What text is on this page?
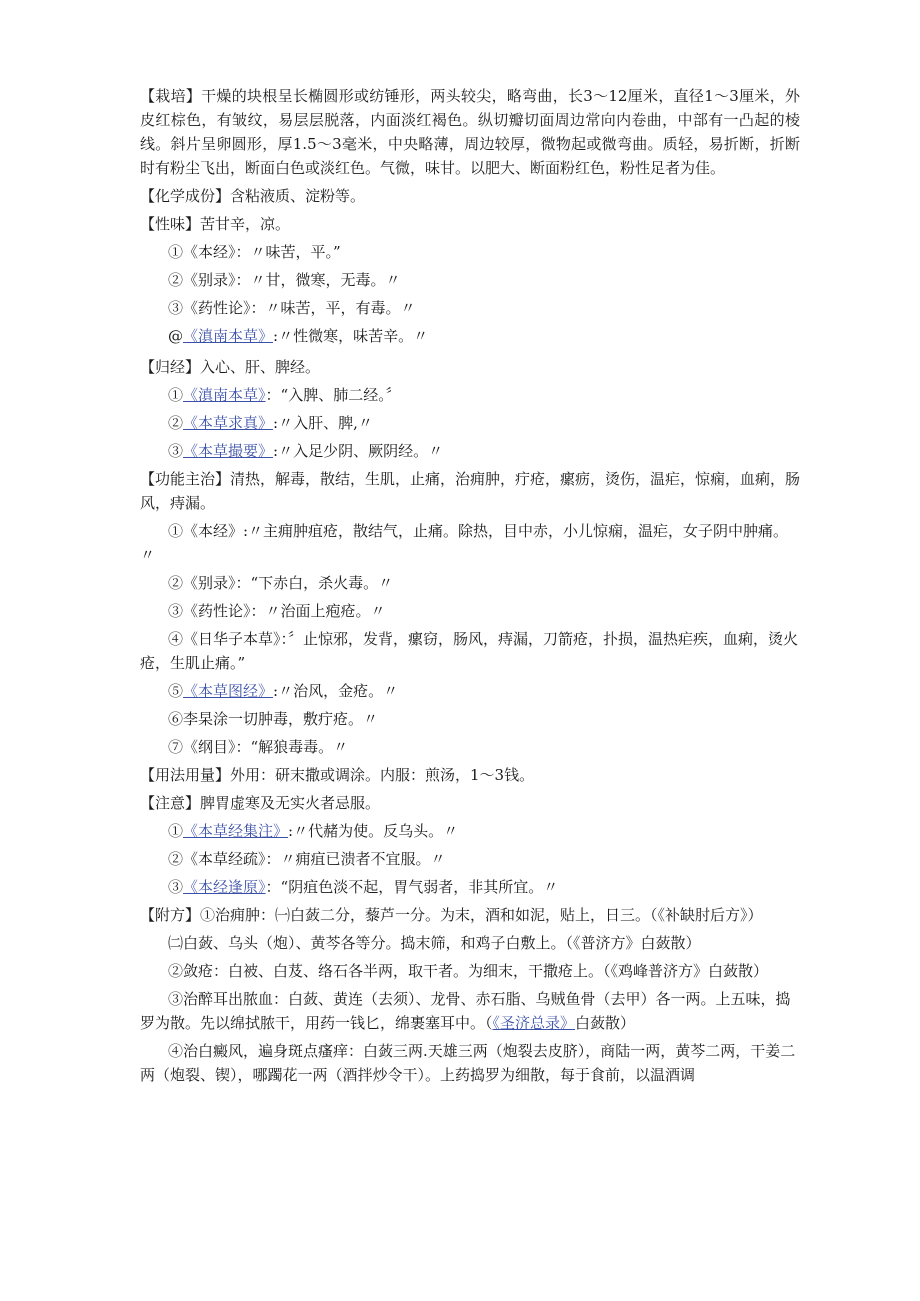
【栽培】干燥的块根呈长椭圆形或纺锤形，两头较尖，略弯曲，长3～12厘米，直径1～3厘米，外皮红棕色，有皱纹，易层层脱落，内面淡红褐色。纵切瓣切面周边常向内卷曲，中部有一凸起的棱线。斜片呈卵圆形，厚1.5～3毫米，中央略薄，周边较厚，微物起或微弯曲。质轻，易折断，折断时有粉尘飞出，断面白色或淡红色。气微，味甘。以肥大、断面粉红色，粉性足者为佳。

【化学成份】含粘液质、淀粉等。

【性味】苦甘辛，凉。

①《本经》：〃味苦，平。”

②《别录》：〃甘，微寒，无毒。〃

③《药性论》：〃味苦，平，有毒。〃

@《滇南本草》:〃性微寒，味苦辛。〃

【归经】入心、肝、脾经。

①《滇南本草》：“入脾、肺二经。〞

②《本草求真》:〃入肝、脾,〃

③《本草撮要》:〃入足少阴、厥阴经。〃

【功能主治】清热，解毒，散结，生肌，止痛，治痈肿，疔疮，瘰疬，烫伤，温疟，惊痫，血痢，肠风，痔漏。

①《本经》:〃主痈肿疽疮，散结气，止痛。除热，目中赤，小儿惊痫，温疟，女子阴中肿痛。〃

②《别录》：“下赤白，杀火毒。〃

③《药性论》：〃治面上疱疮。〃

④《日华子本草》：〞止惊邪，发背，瘰窃，肠风，痔漏，刀箭疮，扑损，温热疟疾，血痢，烫火疮，生肌止痛。”

⑤《本草图经》:〃治风，金疮。〃

⑥李杲涂一切肿毒，敷疔疮。〃

⑦《纲目》：“解狼毒毒。〃

【用法用量】外用：研末撒或调涂。内服：煎汤，1～3钱。

【注意】脾胃虚寒及无实火者忌服。

①《本草经集注》:〃代赭为使。反乌头。〃

②《本草经疏》：〃痈疽已溃者不宜服。〃

③《本经逢原》：“阴疽色淡不起，胃气弱者，非其所宜。〃

【附方】①治痈肿：㈠白蔹二分，藜芦一分。为末，酒和如泥，贴上，日三。（《补缺肘后方》）

㈡白蔹、乌头（炮）、黄芩各等分。捣末筛，和鸡子白敷上。（《普济方》白蔹散）

②敛疮：白被、白芨、络石各半两，取干者。为细末，干撒疮上。（《鸡峰普济方》白蔹散）

③治醉耳出脓血：白蔹、黄连（去须）、龙骨、赤石脂、乌贼鱼骨（去甲）各一两。上五味，捣罗为散。先以绵拭脓干，用药一钱匕，绵裹塞耳中。（《圣济总录》白蔹散）

④治白癜风，遍身斑点瘙痒：白蔹三两.天雄三两（炮裂去皮脐），商陆一两，黄芩二两，干姜二两（炮裂、锲），哪躅花一两（酒拌炒令干）。上药捣罗为细散，每于食前，以温酒调
